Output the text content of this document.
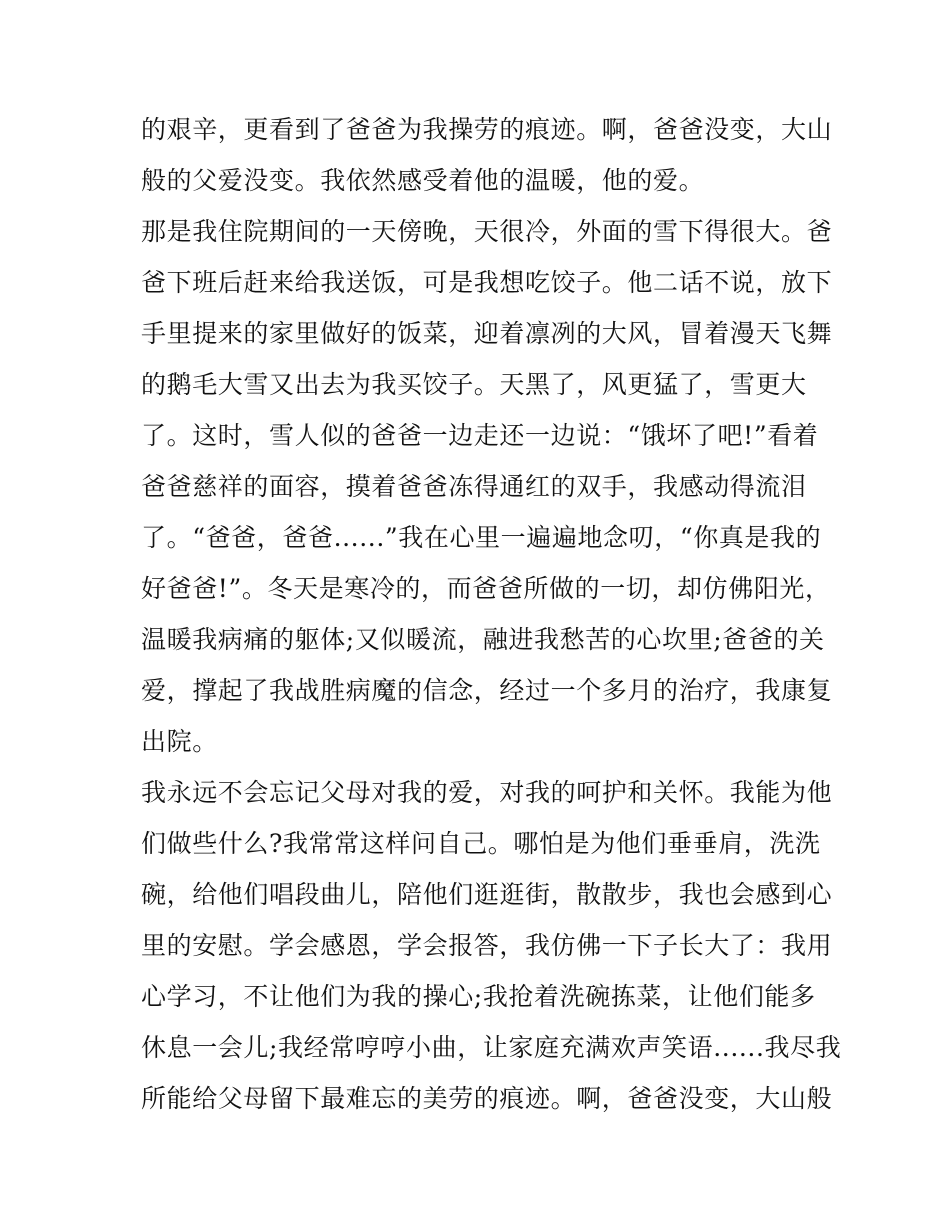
的艰辛，更看到了爸爸为我操劳的痕迹。啊，爸爸没变，大山
般的父爱没变。我依然感受着他的温暖，他的爱。
那是我住院期间的一天傍晚，天很冷，外面的雪下得很大。爸
爸下班后赶来给我送饭，可是我想吃饺子。他二话不说，放下
手里提来的家里做好的饭菜，迎着凛冽的大风，冒着漫天飞舞
的鹅毛大雪又出去为我买饺子。天黑了，风更猛了，雪更大
了。这时，雪人似的爸爸一边走还一边说：“饿坏了吧!”看着
爸爸慈祥的面容，摸着爸爸冻得通红的双手，我感动得流泪
了。“爸爸，爸爸......”我在心里一遍遍地念叨，“你真是我的
好爸爸!”。冬天是寒冷的，而爸爸所做的一切，却仿佛阳光，
温暖我病痛的躯体;又似暖流，融进我愁苦的心坎里;爸爸的关
爱，撑起了我战胜病魔的信念，经过一个多月的治疗，我康复
出院。
我永远不会忘记父母对我的爱，对我的呵护和关怀。我能为他
们做些什么?我常常这样问自己。哪怕是为他们垂垂肩，洗洗
碗，给他们唱段曲儿，陪他们逛逛街，散散步，我也会感到心
里的安慰。学会感恩，学会报答，我仿佛一下子长大了：我用
心学习，不让他们为我的操心;我抢着洗碗拣菜，让他们能多
休息一会儿;我经常哼哼小曲，让家庭充满欢声笑语......我尽我
所能给父母留下最难忘的美劳的痕迹。啊，爸爸没变，大山般
